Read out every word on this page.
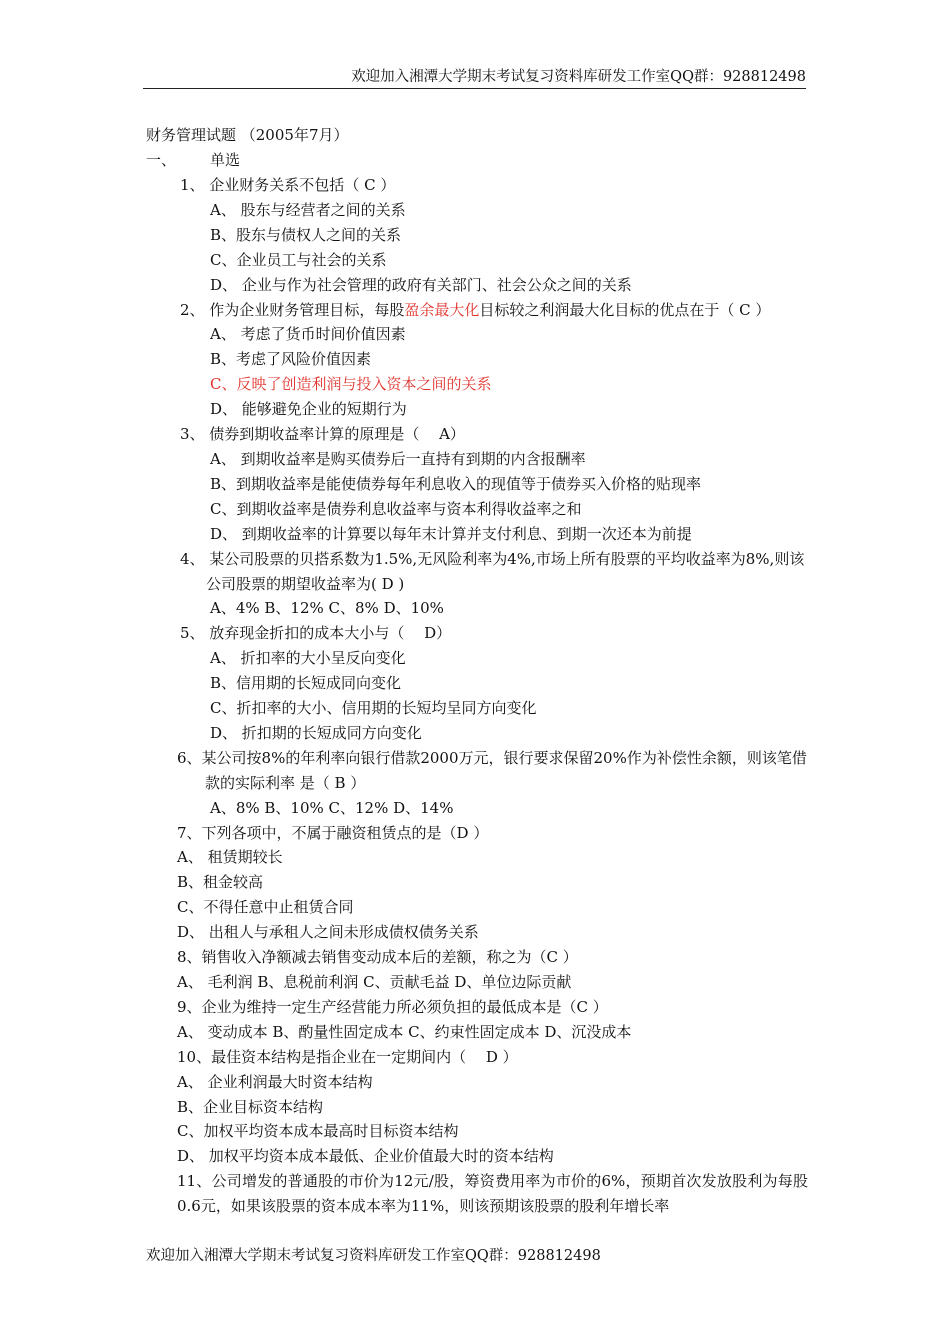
欢迎加入湘潭大学期末考试复习资料库研发工作室QQ群：928812498
财务管理试题 （2005年7月）
一、 单选
1、 企业财务关系不包括（ C ）
A、 股东与经营者之间的关系
B、股东与债权人之间的关系
C、企业员工与社会的关系
D、 企业与作为社会管理的政府有关部门、社会公众之间的关系
2、 作为企业财务管理目标，每股盈余最大化目标较之利润最大化目标的优点在于（ C ）
A、 考虑了货币时间价值因素
B、考虑了风险价值因素
C、反映了创造利润与投入资本之间的关系
D、 能够避免企业的短期行为
3、 债券到期收益率计算的原理是（　 A）
A、 到期收益率是购买债券后一直持有到期的内含报酬率
B、到期收益率是能使债券每年利息收入的现值等于债券买入价格的贴现率
C、到期收益率是债券利息收益率与资本利得收益率之和
D、 到期收益率的计算要以每年末计算并支付利息、到期一次还本为前提
4、 某公司股票的贝搭系数为1.5%,无风险利率为4%,市场上所有股票的平均收益率为8%,则该公司股票的期望收益率为( D )
A、4% B、12% C、8% D、10%
5、 放弃现金折扣的成本大小与（　 D）
A、 折扣率的大小呈反向变化
B、信用期的长短成同向变化
C、折扣率的大小、信用期的长短均呈同方向变化
D、 折扣期的长短成同方向变化
6、某公司按8%的年利率向银行借款2000万元，银行要求保留20%作为补偿性余额，则该笔借款的实际利率 是（ B ）
A、8% B、10% C、12% D、14%
7、下列各项中，不属于融资租赁点的是（D ）
A、 租赁期较长
B、租金较高
C、不得任意中止租赁合同
D、 出租人与承租人之间未形成债权债务关系
8、销售收入净额减去销售变动成本后的差额，称之为（C ）
A、 毛利润 B、息税前利润 C、贡献毛益 D、单位边际贡献
9、企业为维持一定生产经营能力所必须负担的最低成本是（C ）
A、 变动成本 B、酌量性固定成本 C、约束性固定成本 D、沉没成本
10、最佳资本结构是指企业在一定期间内（　 D ）
A、 企业利润最大时资本结构
B、企业目标资本结构
C、加权平均资本成本最高时目标资本结构
D、 加权平均资本成本最低、企业价值最大时的资本结构
11、公司增发的普通股的市价为12元/股，筹资费用率为市价的6%，预期首次发放股利为每股0.6元，如果该股票的资本成本率为11%，则该预期该股票的股利年增长率
欢迎加入湘潭大学期末考试复习资料库研发工作室QQ群：928812498
